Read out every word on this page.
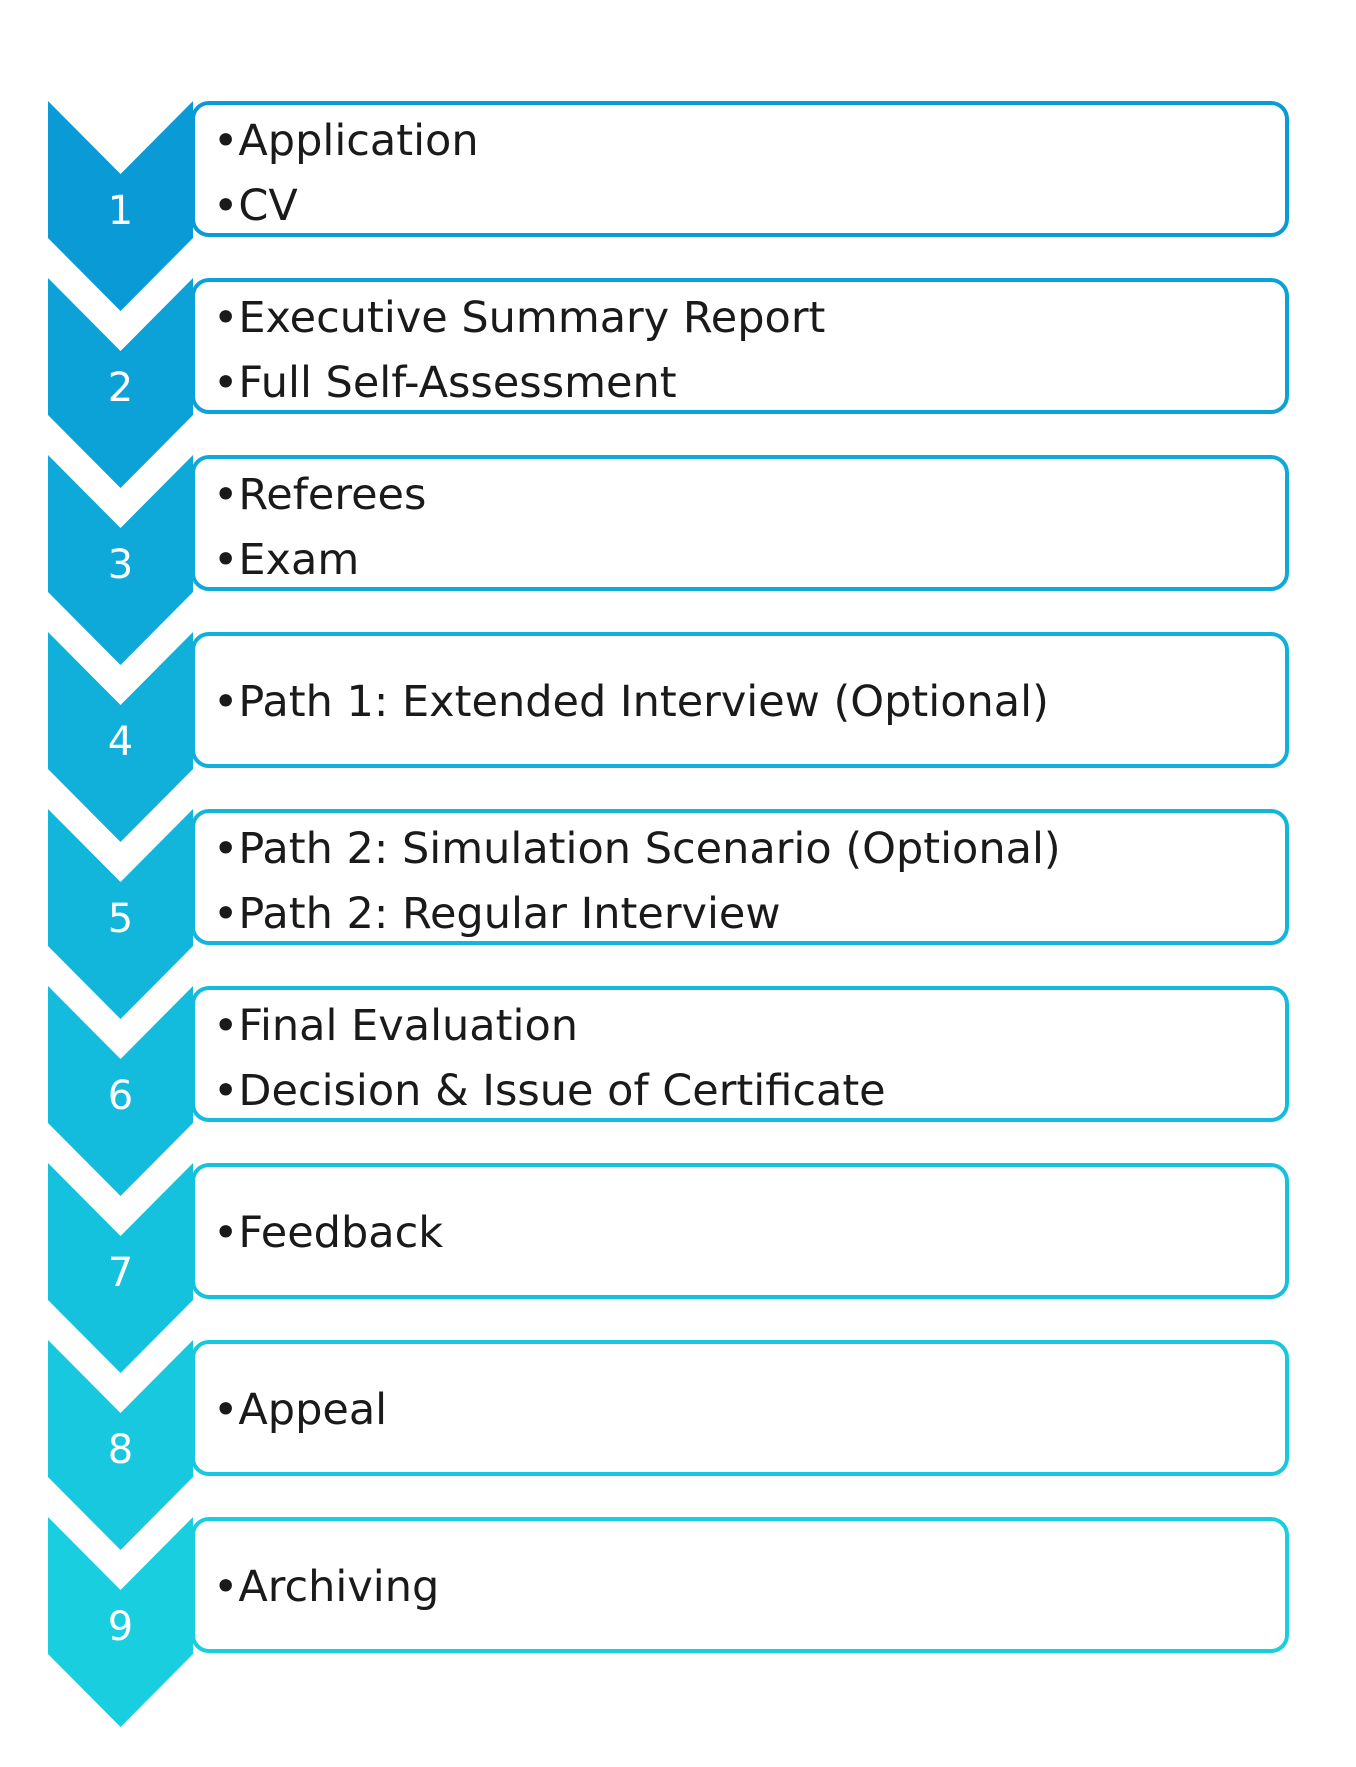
1
•Application
•CV
2
•Executive Summary Report
•Full Self-Assessment
3
•Referees
•Exam
4
•Path 1: Extended Interview (Optional)
5
•Path 2: Simulation Scenario (Optional)
•Path 2: Regular Interview
6
•Final Evaluation
•Decision & Issue of Certificate
7
•Feedback
8
•Appeal
9
•Archiving
